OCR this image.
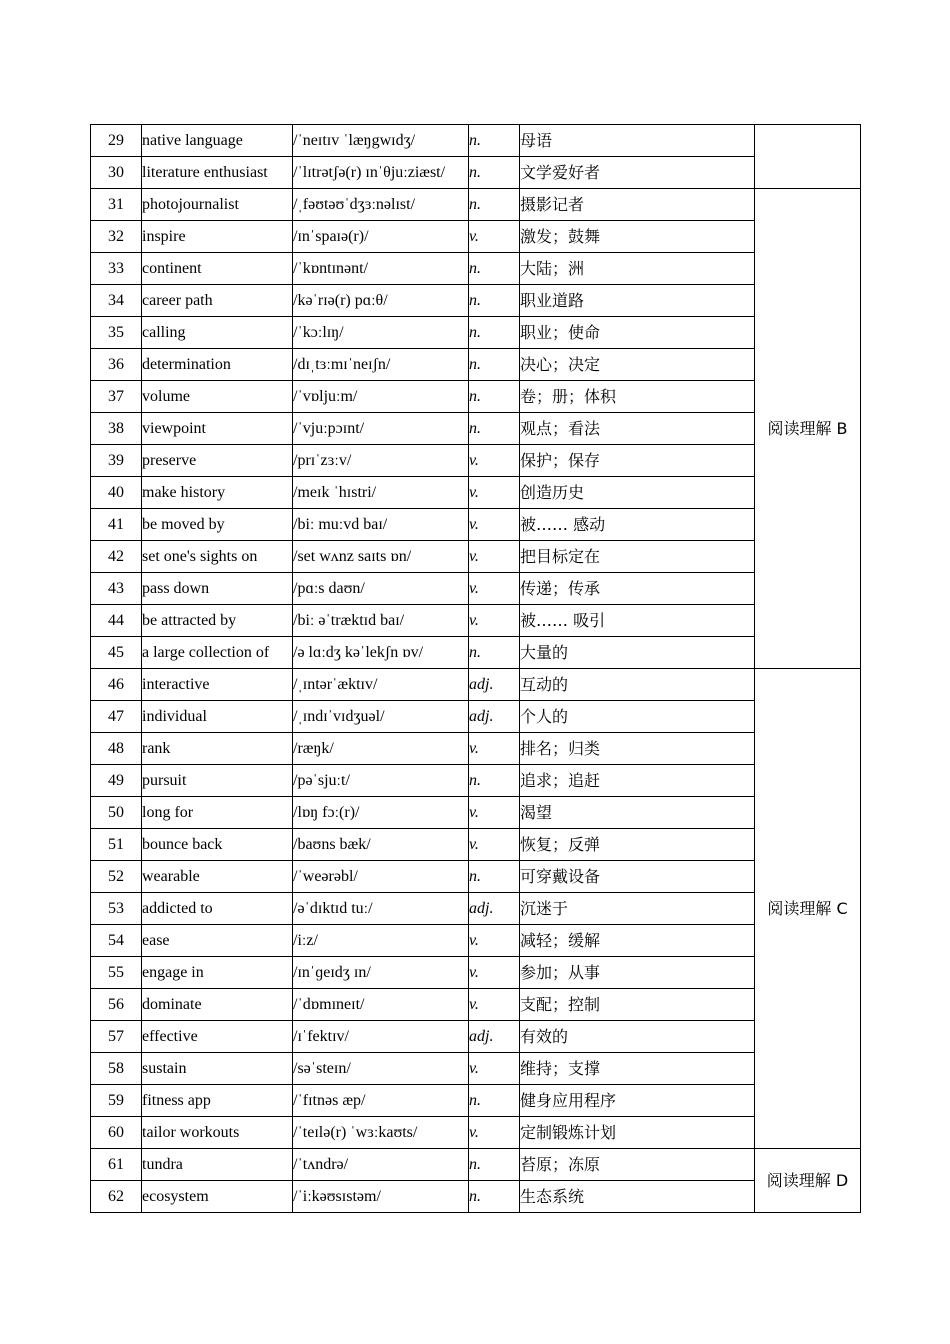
29	native language	/ˈneɪtɪv ˈlæŋgwɪdʒ/	n.	母语	
30	literature enthusiast	/ˈlɪtrətʃə(r) ɪnˈθjuːziæst/	n.	文学爱好者	
31	photojournalist	/ˌfəʊtəʊˈdʒɜːnəlɪst/	n.	摄影记者	阅读理解 B
32	inspire	/ɪnˈspaɪə(r)/	v.	激发；鼓舞	
33	continent	/ˈkɒntɪnənt/	n.	大陆；洲	
34	career path	/kəˈrɪə(r) pɑːθ/	n.	职业道路	
35	calling	/ˈkɔːlɪŋ/	n.	职业；使命	
36	determination	/dɪˌtɜːmɪˈneɪʃn/	n.	决心；决定	
37	volume	/ˈvɒljuːm/	n.	卷；册；体积	
38	viewpoint	/ˈvjuːpɔɪnt/	n.	观点；看法	
39	preserve	/prɪˈzɜːv/	v.	保护；保存	
40	make history	/meɪk ˈhɪstri/	v.	创造历史	
41	be moved by	/biː muːvd baɪ/	v.	被…… 感动	
42	set one's sights on	/set wʌnz saɪts ɒn/	v.	把目标定在	
43	pass down	/pɑːs daʊn/	v.	传递；传承	
44	be attracted by	/biː əˈtræktɪd baɪ/	v.	被…… 吸引	
45	a large collection of	/ə lɑːdʒ kəˈlekʃn ɒv/	n.	大量的	
46	interactive	/ˌɪntərˈæktɪv/	adj.	互动的	阅读理解 C
47	individual	/ˌɪndɪˈvɪdʒuəl/	adj.	个人的	
48	rank	/ræŋk/	v.	排名；归类	
49	pursuit	/pəˈsjuːt/	n.	追求；追赶	
50	long for	/lɒŋ fɔː(r)/	v.	渴望	
51	bounce back	/baʊns bæk/	v.	恢复；反弹	
52	wearable	/ˈweərəbl/	n.	可穿戴设备	
53	addicted to	/əˈdɪktɪd tuː/	adj.	沉迷于	
54	ease	/iːz/	v.	减轻；缓解	
55	engage in	/ɪnˈɡeɪdʒ ɪn/	v.	参加；从事	
56	dominate	/ˈdɒmɪneɪt/	v.	支配；控制	
57	effective	/ɪˈfektɪv/	adj.	有效的	
58	sustain	/səˈsteɪn/	v.	维持；支撑	
59	fitness app	/ˈfɪtnəs æp/	n.	健身应用程序	
60	tailor workouts	/ˈteɪlə(r) ˈwɜːkaʊts/	v.	定制锻炼计划	
61	tundra	/ˈtʌndrə/	n.	苔原；冻原	阅读理解 D
62	ecosystem	/ˈiːkəʊsɪstəm/	n.	生态系统	
